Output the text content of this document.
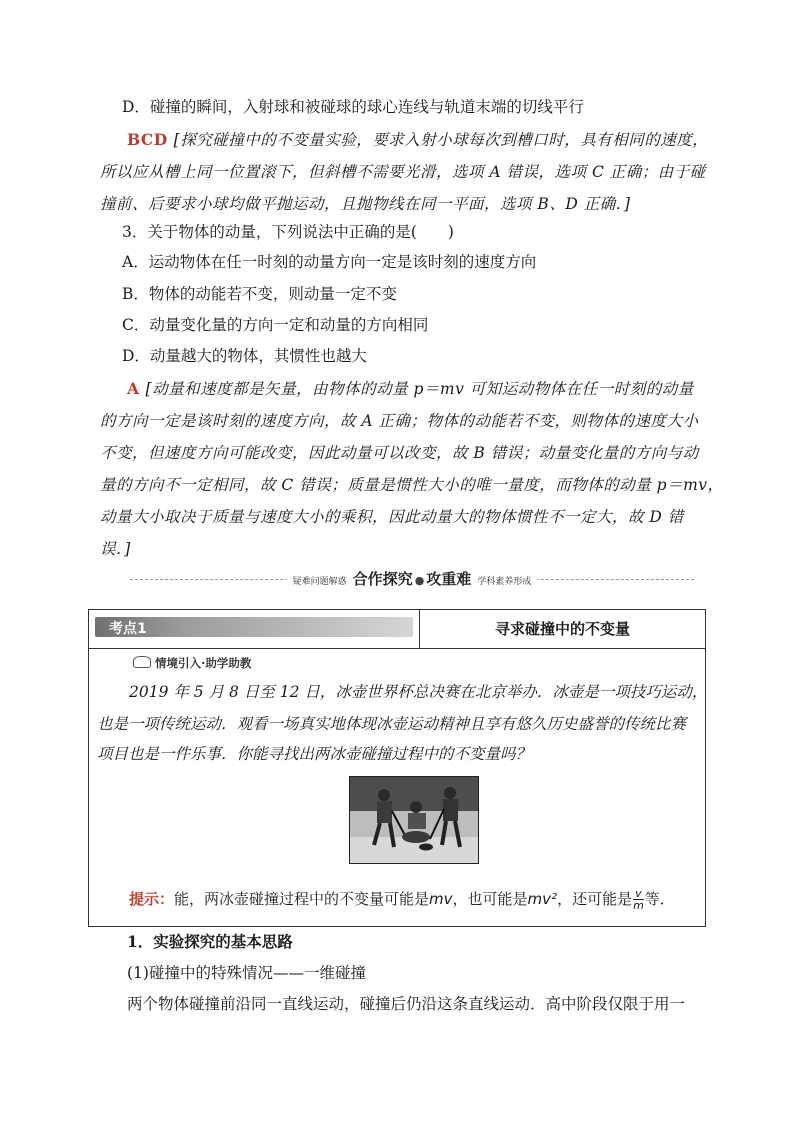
D．碰撞的瞬间，入射球和被碰球的球心连线与轨道末端的切线平行
BCD [探究碰撞中的不变量实验，要求入射小球每次到槽口时，具有相同的速度，
所以应从槽上同一位置滚下，但斜槽不需要光滑，选项 A 错误，选项 C 正确；由于碰
撞前、后要求小球均做平抛运动，且抛物线在同一平面，选项 B、D 正确．]
3．关于物体的动量，下列说法中正确的是(　　)
A．运动物体在任一时刻的动量方向一定是该时刻的速度方向
B．物体的动能若不变，则动量一定不变
C．动量变化量的方向一定和动量的方向相同
D．动量越大的物体，其惯性也越大
A [动量和速度都是矢量，由物体的动量 p＝mv 可知运动物体在任一时刻的动量
的方向一定是该时刻的速度方向，故 A 正确；物体的动能若不变，则物体的速度大小
不变，但速度方向可能改变，因此动量可以改变，故 B 错误；动量变化量的方向与动
量的方向不一定相同，故 C 错误；质量是惯性大小的唯一量度，而物体的动量 p＝mv，
动量大小取决于质量与速度大小的乘积，因此动量大的物体惯性不一定大，故 D 错
误．]
疑难问题解惑 合作探究 ● 攻重难 学科素养形成
考点1	寻求碰撞中的不变量
情境引入·助学助教
2019 年 5 月 8 日至 12 日，冰壶世界杯总决赛在北京举办．冰壶是一项技巧运动，
也是一项传统运动．观看一场真实地体现冰壶运动精神且享有悠久历史盛誉的传统比赛
项目也是一件乐事．你能寻找出两冰壶碰撞过程中的不变量吗？
提示：能，两冰壶碰撞过程中的不变量可能是mv，也可能是mv²，还可能是 $\frac{v}{m}$ 等．
1．实验探究的基本思路
(1)碰撞中的特殊情况——一维碰撞
两个物体碰撞前沿同一直线运动，碰撞后仍沿这条直线运动．高中阶段仅限于用一
